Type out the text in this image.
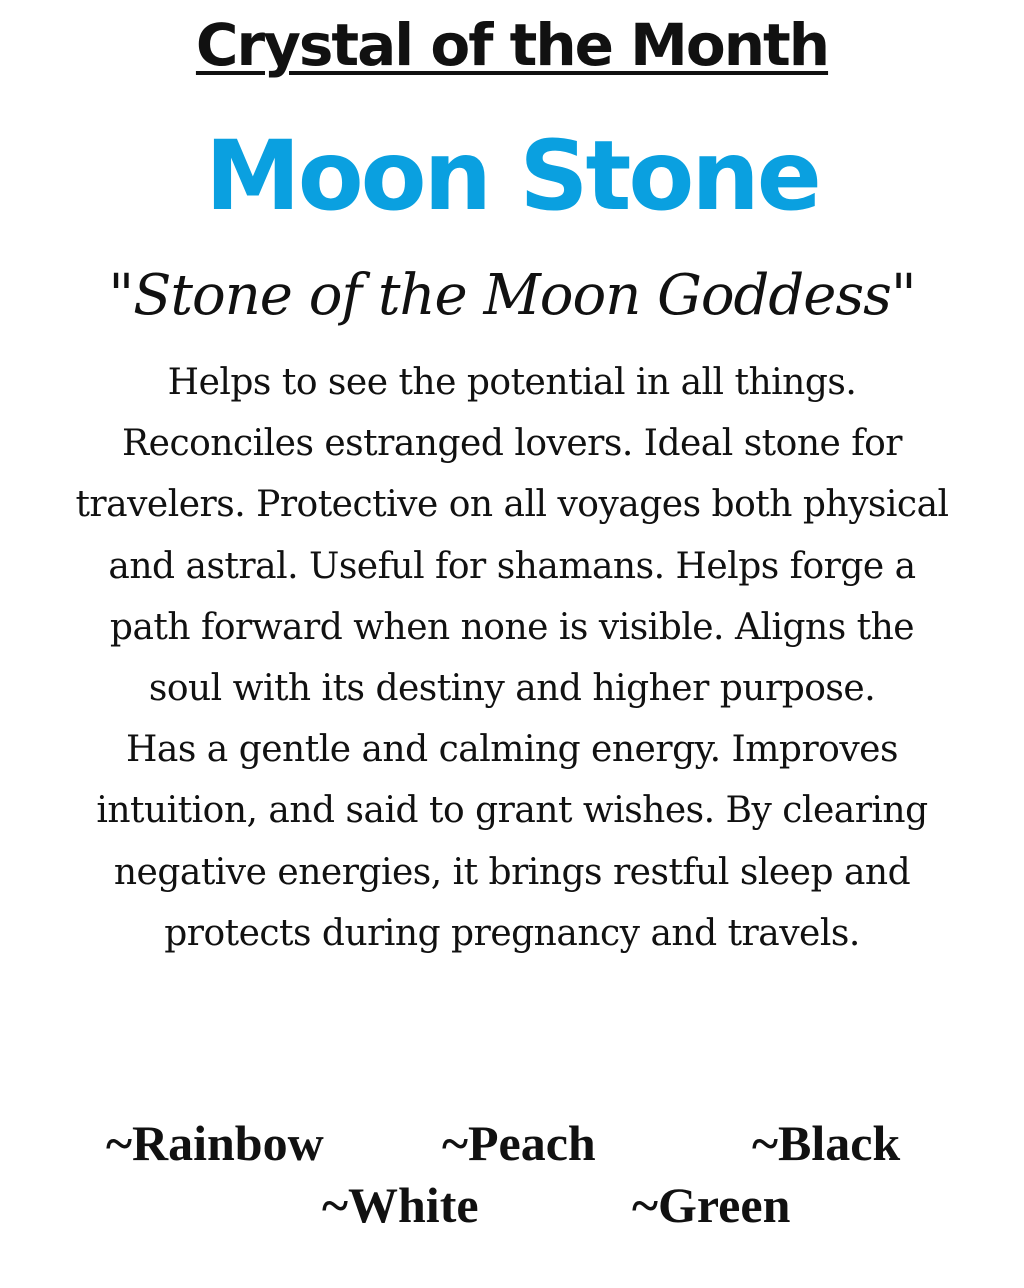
Crystal of the Month
Moon Stone
"Stone of the Moon Goddess"

Helps to see the potential in all things. Reconciles estranged lovers. Ideal stone for travelers. Protective on all voyages both physical and astral. Useful for shamans. Helps forge a path forward when none is visible. Aligns the soul with its destiny and higher purpose.

Has a gentle and calming energy. Improves intuition, and said to grant wishes. By clearing negative energies, it brings restful sleep and protects during pregnancy and travels.

~Rainbow ~Peach	~Black
~White	~Green
